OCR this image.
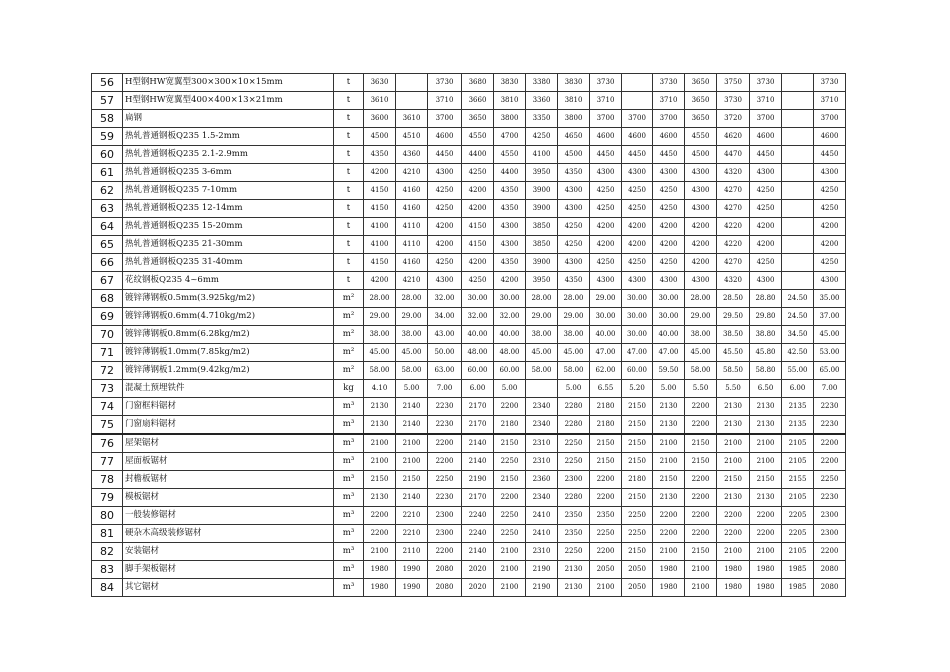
56	H型钢HW宽翼型300×300×10×15mm	t	3630		3730	3680	3830	3380	3830	3730		3730	3650	3750	3730		3730
57	H型钢HW宽翼型400×400×13×21mm	t	3610		3710	3660	3810	3360	3810	3710		3710	3650	3730	3710		3710
58	扁钢	t	3600	3610	3700	3650	3800	3350	3800	3700	3700	3700	3650	3720	3700		3700
59	热轧普通钢板Q235 1.5-2mm	t	4500	4510	4600	4550	4700	4250	4650	4600	4600	4600	4550	4620	4600		4600
60	热轧普通钢板Q235 2.1-2.9mm	t	4350	4360	4450	4400	4550	4100	4500	4450	4450	4450	4500	4470	4450		4450
61	热轧普通钢板Q235 3-6mm	t	4200	4210	4300	4250	4400	3950	4350	4300	4300	4300	4300	4320	4300		4300
62	热轧普通钢板Q235 7-10mm	t	4150	4160	4250	4200	4350	3900	4300	4250	4250	4250	4300	4270	4250		4250
63	热轧普通钢板Q235 12-14mm	t	4150	4160	4250	4200	4350	3900	4300	4250	4250	4250	4300	4270	4250		4250
64	热轧普通钢板Q235 15-20mm	t	4100	4110	4200	4150	4300	3850	4250	4200	4200	4200	4200	4220	4200		4200
65	热轧普通钢板Q235 21-30mm	t	4100	4110	4200	4150	4300	3850	4250	4200	4200	4200	4200	4220	4200		4200
66	热轧普通钢板Q235 31-40mm	t	4150	4160	4250	4200	4350	3900	4300	4250	4250	4250	4200	4270	4250		4250
67	花纹钢板Q235 4~6mm	t	4200	4210	4300	4250	4200	3950	4350	4300	4300	4300	4300	4320	4300		4300
68	镀锌薄钢板0.5mm(3.925kg/m2)	m²	28.00	28.00	32.00	30.00	30.00	28.00	28.00	29.00	30.00	30.00	28.00	28.50	28.80	24.50	35.00
69	镀锌薄钢板0.6mm(4.710kg/m2)	m²	29.00	29.00	34.00	32.00	32.00	29.00	29.00	30.00	30.00	30.00	29.00	29.50	29.80	24.50	37.00
70	镀锌薄钢板0.8mm(6.28kg/m2)	m²	38.00	38.00	43.00	40.00	40.00	38.00	38.00	40.00	30.00	40.00	38.00	38.50	38.80	34.50	45.00
71	镀锌薄钢板1.0mm(7.85kg/m2)	m²	45.00	45.00	50.00	48.00	48.00	45.00	45.00	47.00	47.00	47.00	45.00	45.50	45.80	42.50	53.00
72	镀锌薄钢板1.2mm(9.42kg/m2)	m²	58.00	58.00	63.00	60.00	60.00	58.00	58.00	62.00	60.00	59.50	58.00	58.50	58.80	55.00	65.00
73	混凝土预埋铁件	kg	4.10	5.00	7.00	6.00	5.00		5.00	6.55	5.20	5.00	5.50	5.50	6.50	6.00	7.00
74	门窗框料锯材	m³	2130	2140	2230	2170	2200	2340	2280	2180	2150	2130	2200	2130	2130	2135	2230
75	门窗扇料锯材	m³	2130	2140	2230	2170	2180	2340	2280	2180	2150	2130	2200	2130	2130	2135	2230
76	屋架锯材	m³	2100	2100	2200	2140	2150	2310	2250	2150	2150	2100	2150	2100	2100	2105	2200
77	屋面板锯材	m³	2100	2100	2200	2140	2250	2310	2250	2150	2150	2100	2150	2100	2100	2105	2200
78	封檐板锯材	m³	2150	2150	2250	2190	2150	2360	2300	2200	2180	2150	2200	2150	2150	2155	2250
79	模板锯材	m³	2130	2140	2230	2170	2200	2340	2280	2200	2150	2130	2200	2130	2130	2105	2230
80	一般装修锯材	m³	2200	2210	2300	2240	2250	2410	2350	2350	2250	2200	2200	2200	2200	2205	2300
81	硬杂木高级装修锯材	m³	2200	2210	2300	2240	2250	2410	2350	2250	2250	2200	2200	2200	2200	2205	2300
82	安装锯材	m³	2100	2110	2200	2140	2100	2310	2250	2200	2150	2100	2150	2100	2100	2105	2200
83	脚手架板锯材	m³	1980	1990	2080	2020	2100	2190	2130	2050	2050	1980	2100	1980	1980	1985	2080
84	其它锯材	m³	1980	1990	2080	2020	2100	2190	2130	2100	2050	1980	2100	1980	1980	1985	2080
